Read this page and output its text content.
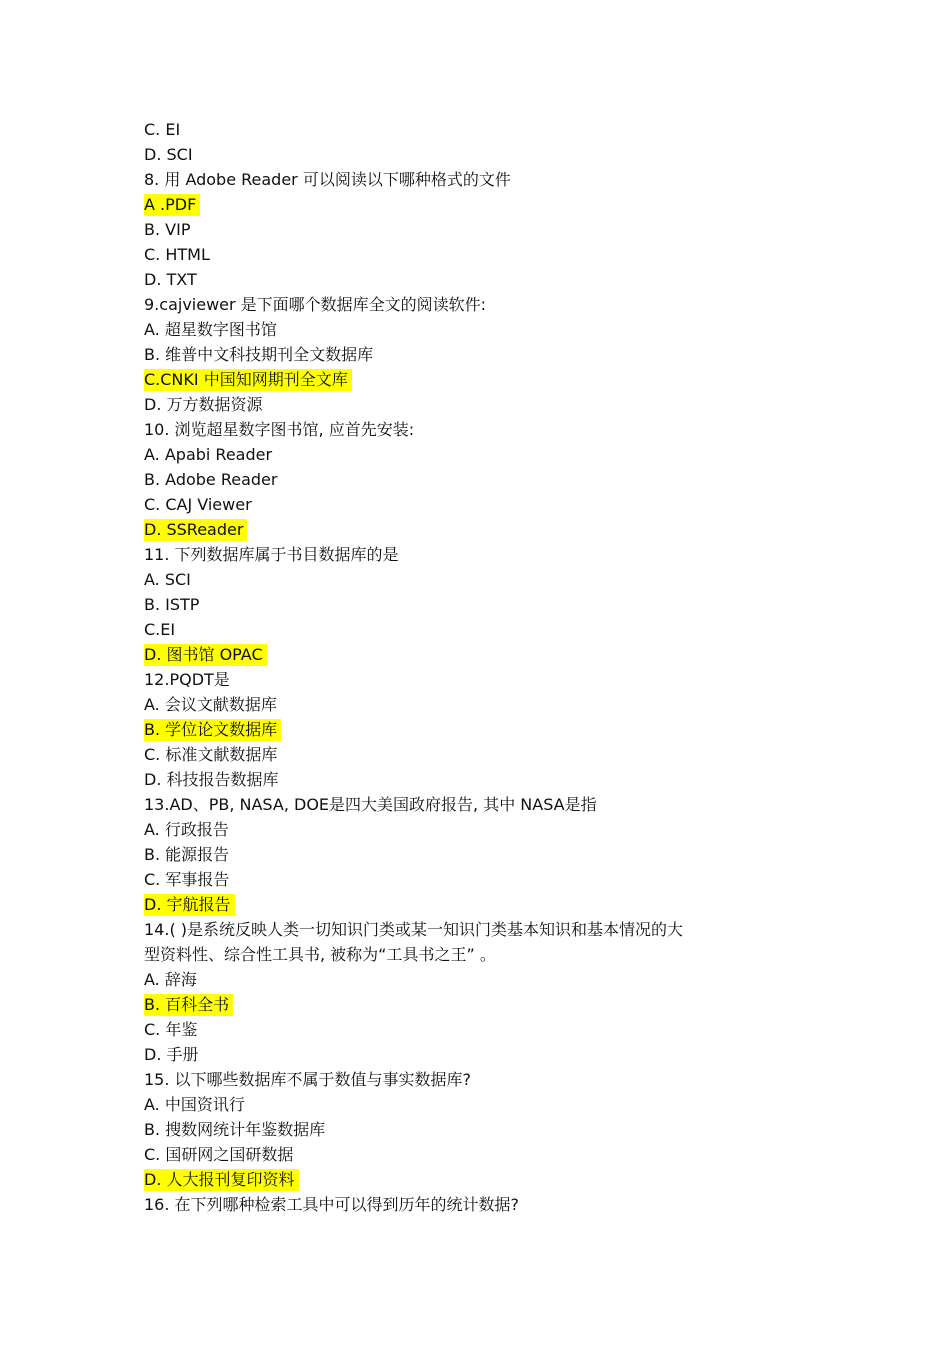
C. EI
D. SCI
8. 用 Adobe Reader 可以阅读以下哪种格式的文件
A .PDF
B. VIP
C. HTML
D. TXT
9.cajviewer 是下面哪个数据库全文的阅读软件:
A. 超星数字图书馆
B. 维普中文科技期刊全文数据库
C.CNKI 中国知网期刊全文库
D. 万方数据资源
10. 浏览超星数字图书馆, 应首先安装:
A. Apabi Reader
B. Adobe Reader
C. CAJ Viewer
D. SSReader
11. 下列数据库属于书目数据库的是
A. SCI
B. ISTP
C.EI
D. 图书馆 OPAC
12.PQDT是
A. 会议文献数据库
B. 学位论文数据库
C. 标准文献数据库
D. 科技报告数据库
13.AD、PB, NASA, DOE是四大美国政府报告, 其中 NASA是指
A. 行政报告
B. 能源报告
C. 军事报告
D. 宇航报告
14.( )是系统反映人类一切知识门类或某一知识门类基本知识和基本情况的大
型资料性、综合性工具书, 被称为“工具书之王” 。
A. 辞海
B. 百科全书
C. 年鉴
D. 手册
15. 以下哪些数据库不属于数值与事实数据库?
A. 中国资讯行
B. 搜数网统计年鉴数据库
C. 国研网之国研数据
D. 人大报刊复印资料
16. 在下列哪种检索工具中可以得到历年的统计数据?
